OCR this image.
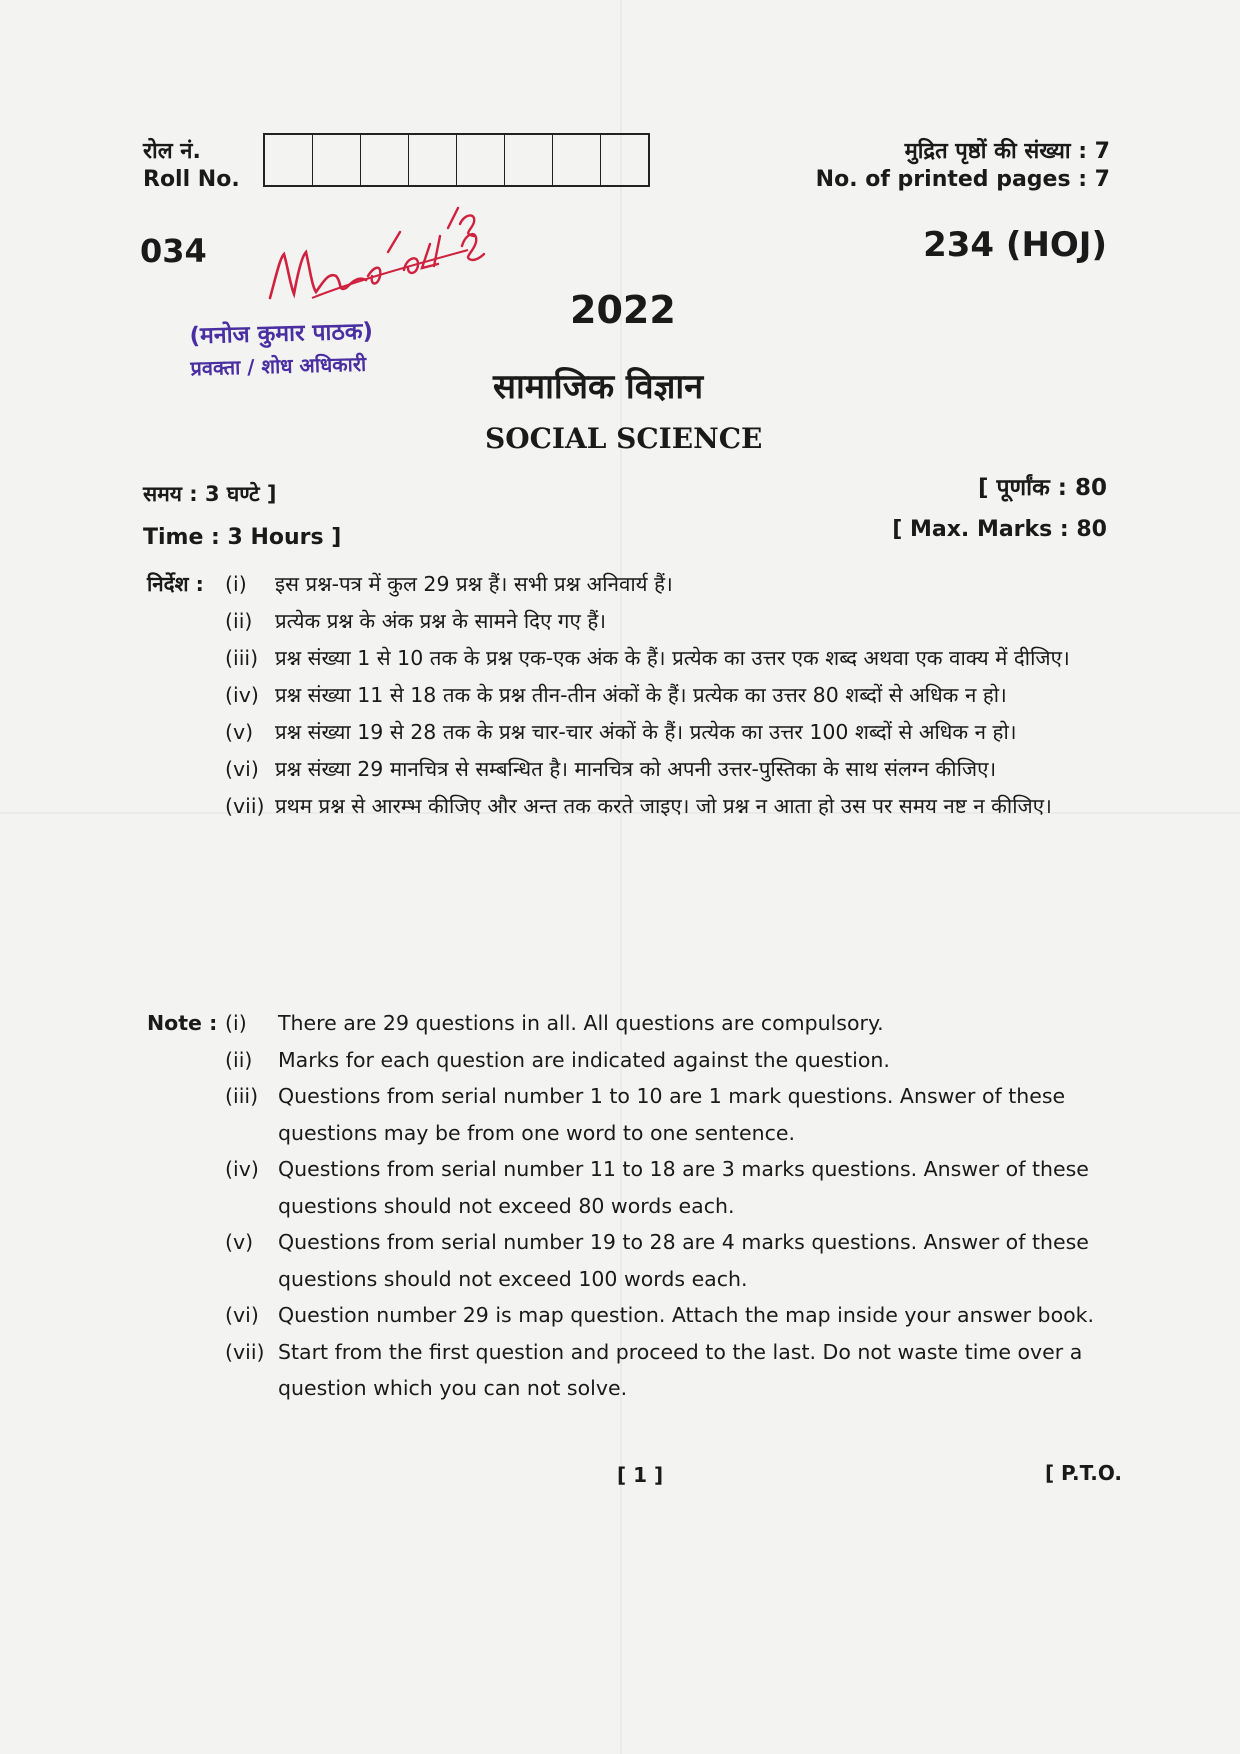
रोल नं.
Roll No.
मुद्रित पृष्ठों की संख्या : 7
No. of printed pages : 7
034	234 (HOJ)
(मनोज कुमार पाठक)
प्रवक्ता / शोध अधिकारी
2022
सामाजिक विज्ञान
SOCIAL SCIENCE
समय : 3 घण्टे ]
Time : 3 Hours ]
[ पूर्णांक : 80
[ Max. Marks : 80
निर्देश :	(i)	इस प्रश्न-पत्र में कुल 29 प्रश्न हैं। सभी प्रश्न अनिवार्य हैं।
(ii)	प्रत्येक प्रश्न के अंक प्रश्न के सामने दिए गए हैं।
(iii) प्रश्न संख्या 1 से 10 तक के प्रश्न एक-एक अंक के हैं। प्रत्येक का उत्तर एक शब्द अथवा एक वाक्य में दीजिए।
(iv) प्रश्न संख्या 11 से 18 तक के प्रश्न तीन-तीन अंकों के हैं। प्रत्येक का उत्तर 80 शब्दों से अधिक न हो।
(v)	प्रश्न संख्या 19 से 28 तक के प्रश्न चार-चार अंकों के हैं। प्रत्येक का उत्तर 100 शब्दों से अधिक न हो।
(vi) प्रश्न संख्या 29 मानचित्र से सम्बन्धित है। मानचित्र को अपनी उत्तर-पुस्तिका के साथ संलग्न कीजिए।
(vii) प्रथम प्रश्न से आरम्भ कीजिए और अन्त तक करते जाइए। जो प्रश्न न आता हो उस पर समय नष्ट न कीजिए।
Note : (i)	There are 29 questions in all. All questions are compulsory.
(ii)	Marks for each question are indicated against the question.
(iii) Questions from serial number 1 to 10 are 1 mark questions. Answer of these questions may be from one word to one sentence.
(iv) Questions from serial number 11 to 18 are 3 marks questions. Answer of these questions should not exceed 80 words each.
(v)	Questions from serial number 19 to 28 are 4 marks questions. Answer of these questions should not exceed 100 words each.
(vi) Question number 29 is map question. Attach the map inside your answer book.
(vii) Start from the first question and proceed to the last. Do not waste time over a question which you can not solve.
[ 1 ]	[ P.T.O.
